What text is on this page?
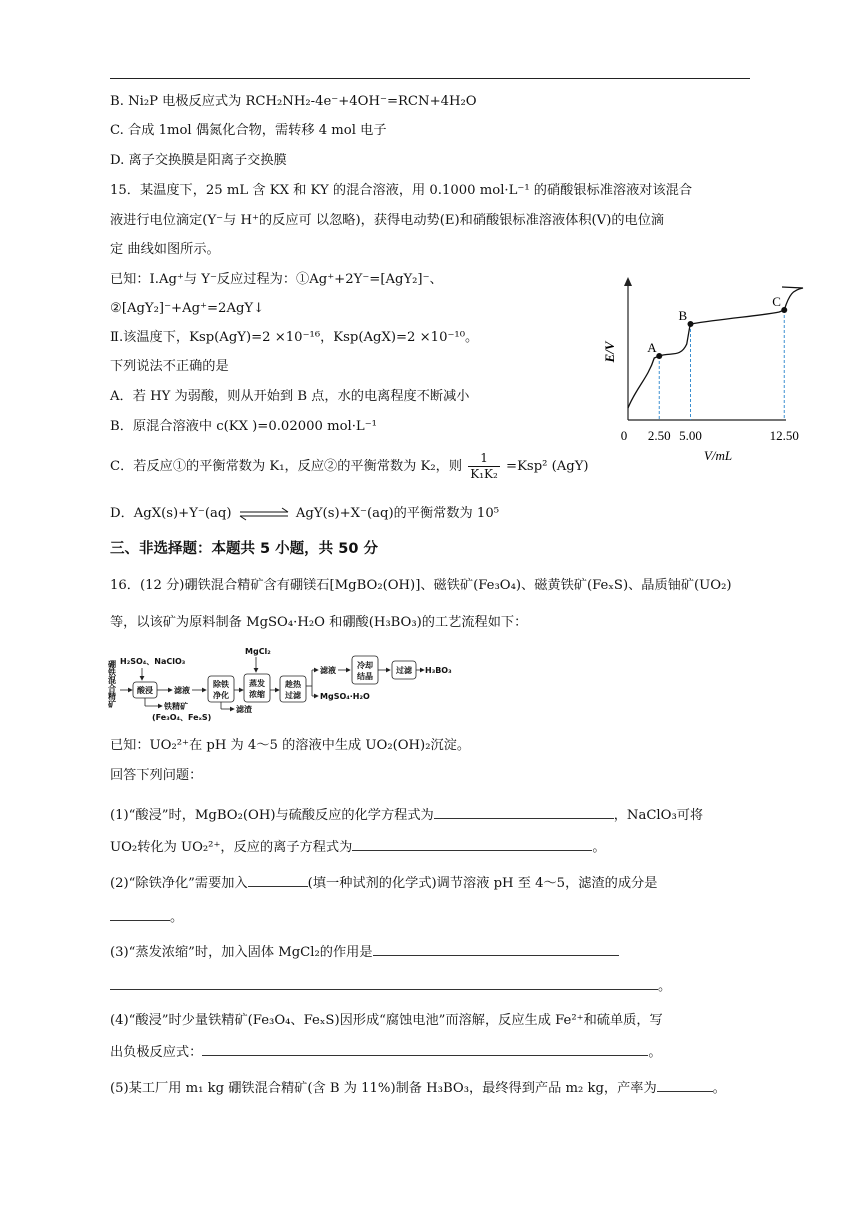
B. Ni₂P 电极反应式为 RCH₂NH₂-4e⁻+4OH⁻=RCN+4H₂O
C. 合成 1mol 偶氮化合物，需转移 4 mol 电子
D. 离子交换膜是阳离子交换膜
15．某温度下，25 mL 含 KX 和 KY 的混合溶液，用 0.1000 mol·L⁻¹ 的硝酸银标准溶液对该混合
液进行电位滴定(Y⁻与 H⁺的反应可 以忽略)，获得电动势(E)和硝酸银标准溶液体积(V)的电位滴
定 曲线如图所示。
已知：Ⅰ.Ag⁺与 Y⁻反应过程为：①Ag⁺+2Y⁻=[AgY₂]⁻、
②[AgY₂]⁻+Ag⁺=2AgY↓
Ⅱ.该温度下，Ksp(AgY)=2 ×10⁻¹⁶，Ksp(AgX)=2 ×10⁻¹⁰。
下列说法不正确的是
A．若 HY 为弱酸，则从开始到 B 点，水的电离程度不断减小
B．原混合溶液中 c(KX )=0.02000 mol·L⁻¹
C．若反应①的平衡常数为 K₁，反应②的平衡常数为 K₂，则 $\frac{1}{\text{K₁K₂}} =Ksp^2$ (AgY)
D．AgX(s)+Y⁻(aq)	AgY(s)+X⁻(aq)的平衡常数为 10⁵
E/V A
B
C
0 2.50 5.00	12.50
V/mL
三、非选择题：本题共 5 小题，共 50 分
16．(12 分)硼铁混合精矿含有硼镁石[MgBO₂(OH)]、磁铁矿(Fe₃O₄)、磁黄铁矿(FeₓS)、晶质铀矿(UO₂)
等，以该矿为原料制备 MgSO₄·H₂O 和硼酸(H₃BO₃)的工艺流程如下：
硼铁混合精矿 H₂SO₄、NaClO₃
酸浸	滤液
铁精矿
(Fe₃O₄、FeₓS)
除铁
净化
滤渣
MgCl₂
蒸发
浓缩
趁热
过滤
滤液
MgSO₄·H₂O
冷却
结晶
过滤 H₃BO₃
已知：UO₂²⁺在 pH 为 4～5 的溶液中生成 UO₂(OH)₂沉淀。
回答下列问题：
(1)“酸浸”时，MgBO₂(OH)与硫酸反应的化学方程式为	，NaClO₃可将
UO₂转化为 UO₂²⁺，反应的离子方程式为	。
(2)“除铁净化”需要加入	(填一种试剂的化学式)调节溶液 pH 至 4～5，滤渣的成分是
。
(3)“蒸发浓缩”时，加入固体 MgCl₂的作用是
。
(4)“酸浸”时少量铁精矿(Fe₃O₄、FeₓS)因形成“腐蚀电池”而溶解，反应生成 Fe²⁺和硫单质，写
出负极反应式：	。
(5)某工厂用 m₁ kg 硼铁混合精矿(含 B 为 11%)制备 H₃BO₃，最终得到产品 m₂ kg，产率为	。
